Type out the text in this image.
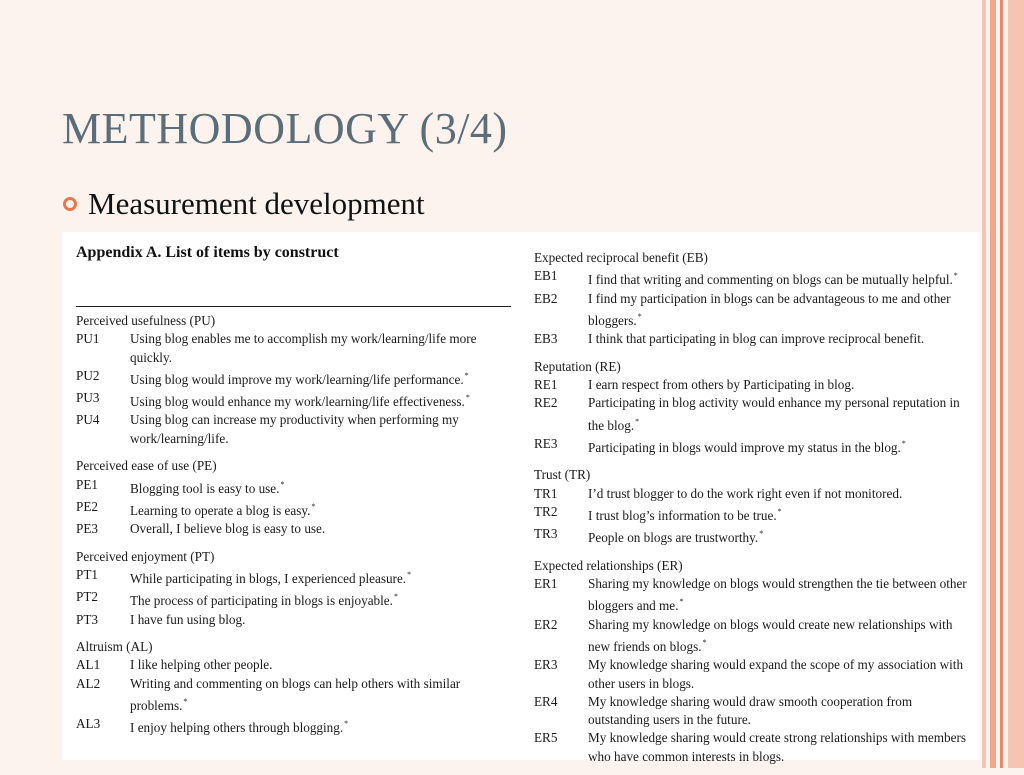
METHODOLOGY (3/4)
Measurement development
Appendix A. List of items by construct
Perceived usefulness (PU)
PU1	Using blog enables me to accomplish my work/learning/life more quickly.
PU2	Using blog would improve my work/learning/life performance.*
PU3	Using blog would enhance my work/learning/life effectiveness.*
PU4	Using blog can increase my productivity when performing my work/learning/life.
Perceived ease of use (PE)
PE1	Blogging tool is easy to use.*
PE2	Learning to operate a blog is easy.*
PE3	Overall, I believe blog is easy to use.
Perceived enjoyment (PT)
PT1	While participating in blogs, I experienced pleasure.*
PT2	The process of participating in blogs is enjoyable.*
PT3	I have fun using blog.
Altruism (AL)
AL1	I like helping other people.
AL2	Writing and commenting on blogs can help others with similar problems.*
AL3	I enjoy helping others through blogging.*
Expected reciprocal benefit (EB)
EB1	I find that writing and commenting on blogs can be mutually helpful.*
EB2	I find my participation in blogs can be advantageous to me and other bloggers.*
EB3	I think that participating in blog can improve reciprocal benefit.
Reputation (RE)
RE1	I earn respect from others by Participating in blog.
RE2	Participating in blog activity would enhance my personal reputation in the blog.*
RE3	Participating in blogs would improve my status in the blog.*
Trust (TR)
TR1	I’d trust blogger to do the work right even if not monitored.
TR2	I trust blog’s information to be true.*
TR3	People on blogs are trustworthy.*
Expected relationships (ER)
ER1	Sharing my knowledge on blogs would strengthen the tie between other bloggers and me.*
ER2	Sharing my knowledge on blogs would create new relationships with new friends on blogs.*
ER3	My knowledge sharing would expand the scope of my association with other users in blogs.
ER4	My knowledge sharing would draw smooth cooperation from outstanding users in the future.
ER5	My knowledge sharing would create strong relationships with members who have common interests in blogs.
